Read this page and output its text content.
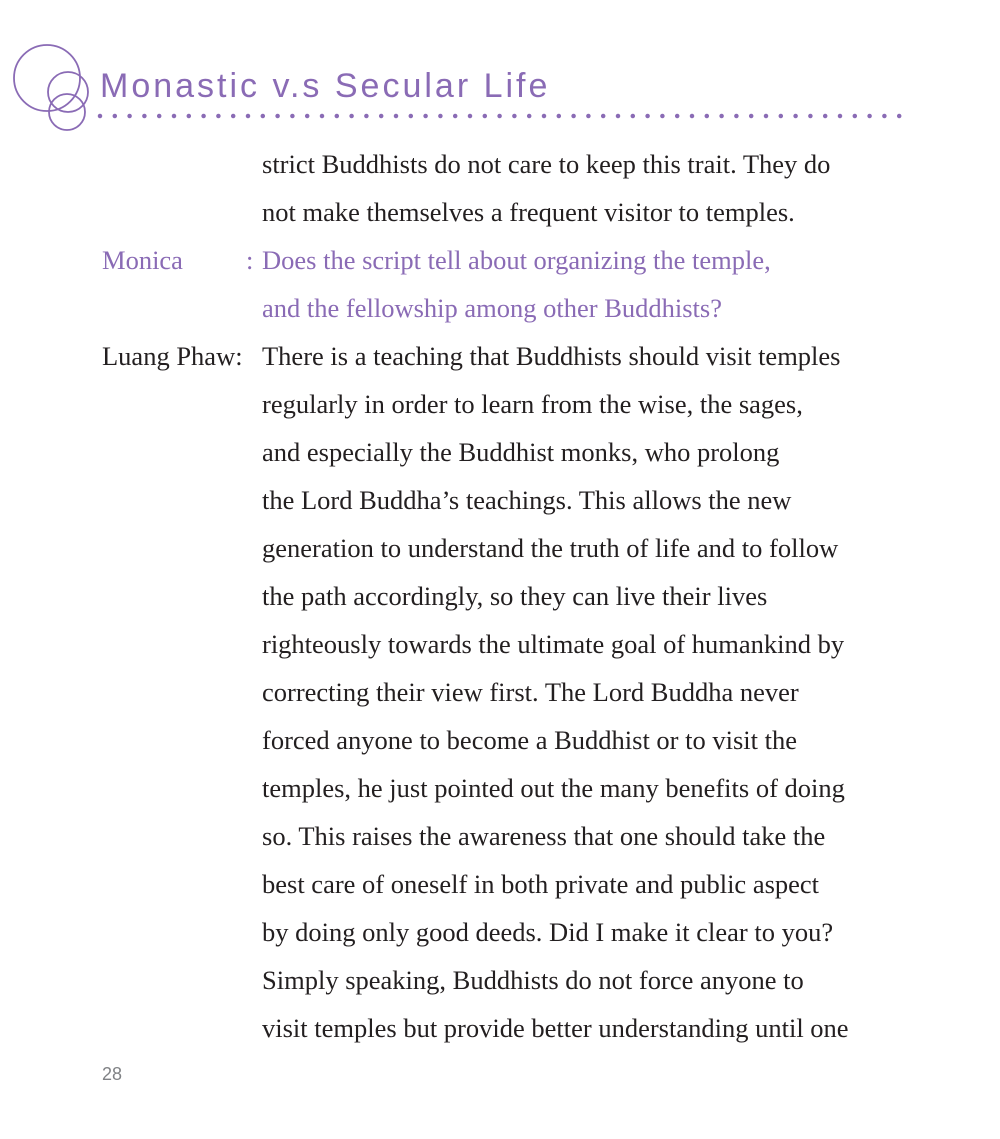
Monastic v.s Secular Life
strict Buddhists do not care to keep this trait. They do
not make themselves a frequent visitor to temples.
Monica : Does the script tell about organizing the temple,
and the fellowship among other Buddhists?
Luang Phaw: There is a teaching that Buddhists should visit temples
regularly in order to learn from the wise, the sages,
and especially the Buddhist monks, who prolong
the Lord Buddha’s teachings. This allows the new
generation to understand the truth of life and to follow
the path accordingly, so they can live their lives
righteously towards the ultimate goal of humankind by
correcting their view first. The Lord Buddha never
forced anyone to become a Buddhist or to visit the
temples, he just pointed out the many benefits of doing
so. This raises the awareness that one should take the
best care of oneself in both private and public aspect
by doing only good deeds. Did I make it clear to you?
Simply speaking, Buddhists do not force anyone to
visit temples but provide better understanding until one
28
